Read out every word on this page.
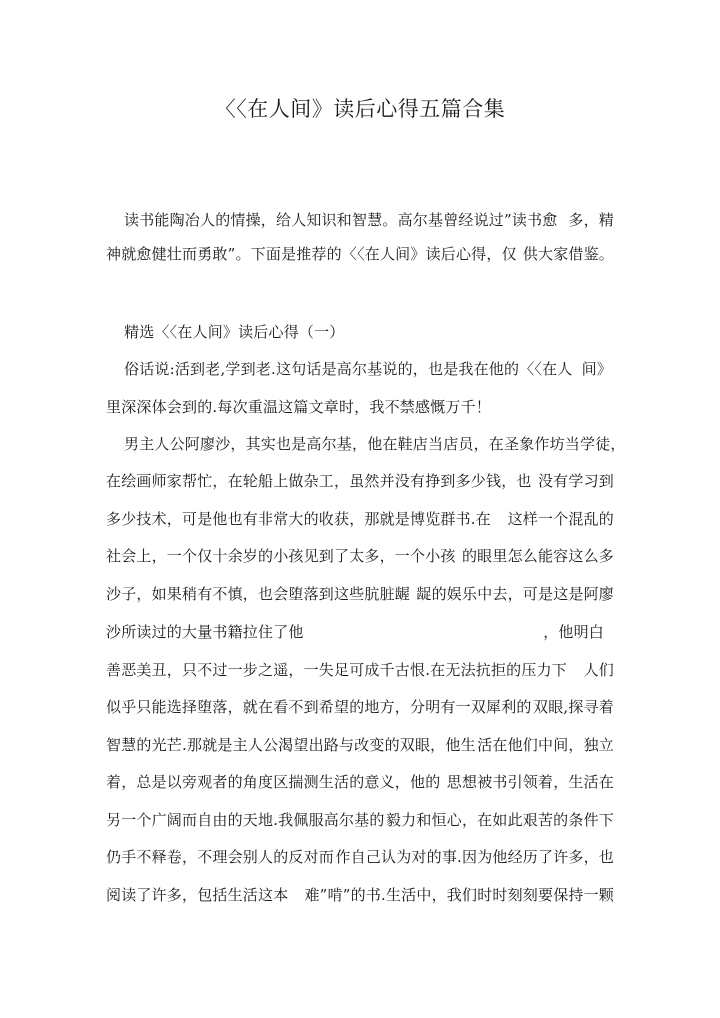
〈〈在人间》读后心得五篇合集
读书能陶冶人的情操，给人知识和智慧。高尔基曾经说过”读书愈 多，精
神就愈健壮而勇敢”。下面是推荐的〈〈在人间》读后心得，仅 供大家借鉴。
精选〈〈在人间》读后心得（一）
俗话说:活到老,学到老.这句话是高尔基说的，也是我在他的〈〈在人 间》
里深深体会到的.每次重温这篇文章时，我不禁感慨万千！
男主人公阿廖沙，其实也是高尔基，他在鞋店当店员，在圣象作坊当 学徒，
在绘画师家帮忙，在轮船上做杂工，虽然并没有挣到多少钱，也 没有学习到
多少技术，可是他也有非常大的收获，那就是博览群书.在 这样一个混乱的
社会上，一个仅十余岁的小孩见到了太多，一个小孩 的眼里怎么能容这么多
沙子，如果稍有不慎，也会堕落到这些肮脏龌 龊的娱乐中去，可是这是阿廖
沙所读过的大量书籍拉住了他	，他明白
善恶美丑，只不过一步之遥，一失足可成千古恨.在无法抗拒的压力下 人们
似乎只能选择堕落，就在看不到希望的地方，分明有一双犀利的 双眼,探寻着
智慧的光芒.那就是主人公渴望出路与改变的双眼，他生 活在他们中间，独立
着，总是以旁观者的角度区揣测生活的意义，他的 思想被书引领着，生活在
另一个广阔而自由的天地.我佩服高尔基的 毅力和恒心，在如此艰苦的条件下
仍手不释卷，不理会别人的反对而 作自己认为对的事.因为他经历了许多，也
阅读了许多，包括生活这本 难”啃”的书.生活中，我们时时刻刻要保持一颗
